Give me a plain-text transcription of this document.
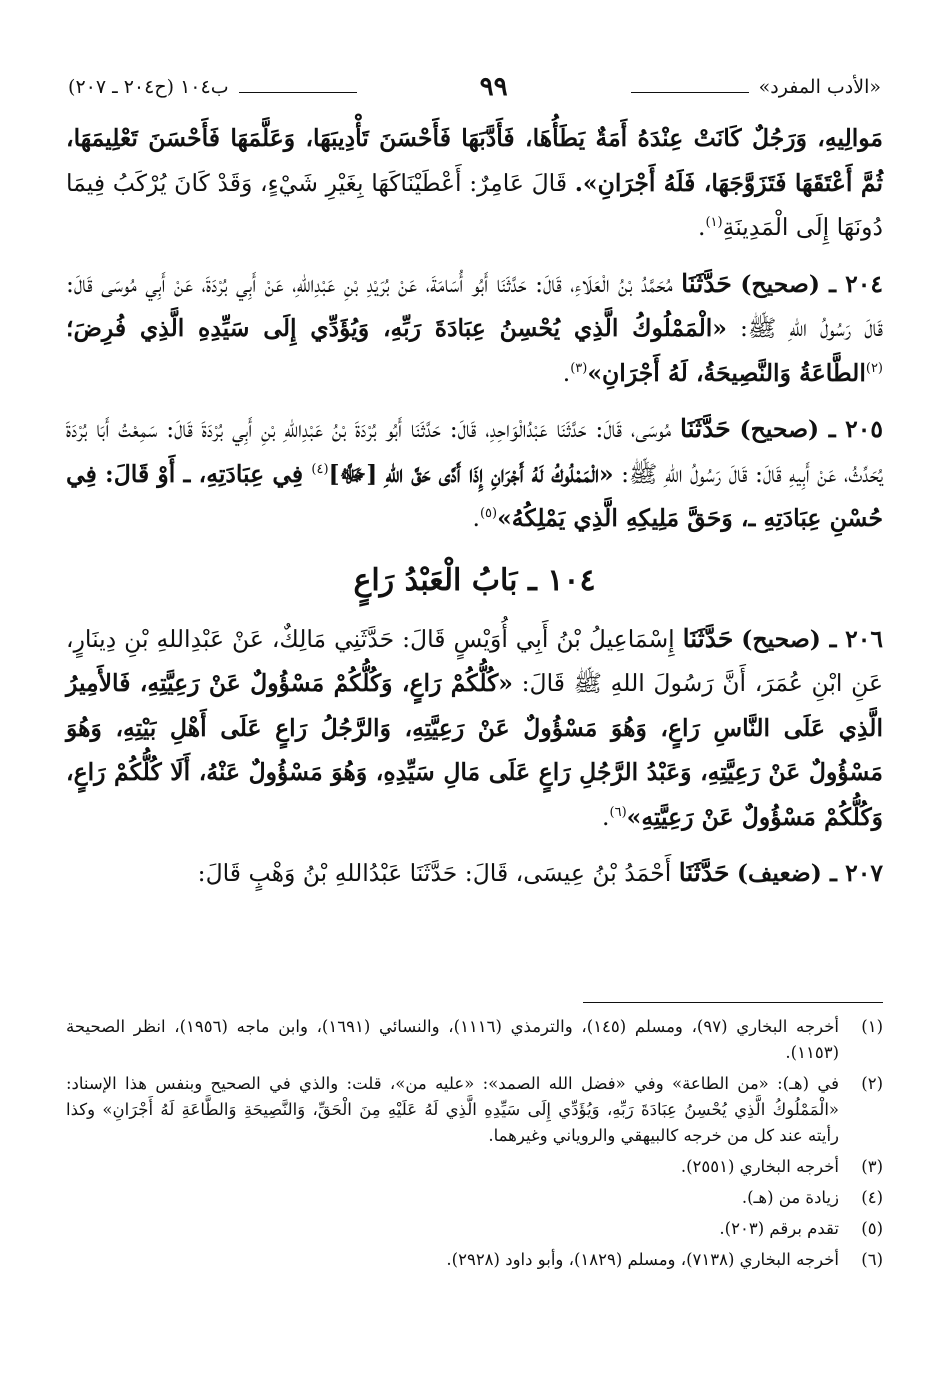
«الأدب المفرد»
٩٩
ب١٠٤ (ح٢٠٤ ـ ٢٠٧)

مَوالِيهِ، وَرَجُلٌ كَانَتْ عِنْدَهُ أَمَةٌ يَطَأُهَا، فَأَدَّبَهَا فَأَحْسَنَ تَأْدِيبَهَا، وَعَلَّمَهَا فَأَحْسَنَ تَعْلِيمَهَا، ثُمَّ أَعْتَقَهَا فَتَزَوَّجَهَا، فَلَهُ أَجْرَانِ». قَالَ عَامِرٌ: أَعْطَيْنَاكَهَا بِغَيْرِ شَيْءٍ، وَقَدْ كَانَ يُرْكَبُ فِيمَا دُونَهَا إِلَى الْمَدِينَةِ$^{(١)}$.

٢٠٤ ـ (صحيح) حَدَّثَنَا مُحَمَّدُ بْنُ الْعَلَاءِ، قَالَ: حَدَّثَنَا أَبُو أُسَامَةَ، عَنْ بُرَيْدِ بْنِ عَبْدِاللهِ، عَنْ أَبِي بُرْدَةَ، عَنْ أَبِي مُوسَى قَالَ: قَالَ رَسُولُ اللهِ ﷺ: «الْمَمْلُوكُ الَّذِي يُحْسِنُ عِبَادَةَ رَبِّهِ، وَيُؤَدِّي إِلَى سَيِّدِهِ الَّذِي فُرِضَ؛ $^{(٢)}$الطَّاعَةُ وَالنَّصِيحَةُ، لَهُ أَجْرَانِ»$^{(٣)}$.

٢٠٥ ـ (صحيح) حَدَّثَنَا مُوسَى، قَالَ: حَدَّثَنَا عَبْدُالْوَاحِدِ، قَالَ: حَدَّثَنَا أَبُو بُرْدَةَ بْنُ عَبْدِاللهِ بْنِ أَبِي بُرْدَةَ قَالَ: سَمِعْتُ أَبَا بُرْدَةَ يُحَدِّثُ، عَنْ أَبِيهِ قَالَ: قَالَ رَسُولُ اللهِ ﷺ: «الْمَمْلُوكُ لَهُ أَجْرَانِ إِذَا أَدَّى حَقَّ اللهِ [ﷻ]$^{(٤)}$ فِي عِبَادَتِهِ، ـ أَوْ قَالَ: فِي حُسْنِ عِبَادَتِهِ ـ، وَحَقَّ مَلِيكِهِ الَّذِي يَمْلِكُهُ»$^{(٥)}$.

١٠٤ ـ بَابُ الْعَبْدُ رَاعٍ

٢٠٦ ـ (صحيح) حَدَّثَنَا إِسْمَاعِيلُ بْنُ أَبِي أُوَيْسٍ قَالَ: حَدَّثَنِي مَالِكٌ، عَنْ عَبْدِاللهِ بْنِ دِينَارٍ، عَنِ ابْنِ عُمَرَ، أَنَّ رَسُولَ اللهِ ﷺ قَالَ: «كُلُّكُمْ رَاعٍ، وَكُلُّكُمْ مَسْؤُولٌ عَنْ رَعِيَّتِهِ، فَالأَمِيرُ الَّذِي عَلَى النَّاسِ رَاعٍ، وَهُوَ مَسْؤُولٌ عَنْ رَعِيَّتِهِ، وَالرَّجُلُ رَاعٍ عَلَى أَهْلِ بَيْتِهِ، وَهُوَ مَسْؤُولٌ عَنْ رَعِيَّتِهِ، وَعَبْدُ الرَّجُلِ رَاعٍ عَلَى مَالِ سَيِّدِهِ، وَهُوَ مَسْؤُولٌ عَنْهُ، أَلَا كُلُّكُمْ رَاعٍ، وَكُلُّكُمْ مَسْؤُولٌ عَنْ رَعِيَّتِهِ»$^{(٦)}$.

٢٠٧ ـ (ضعيف) حَدَّثَنَا أَحْمَدُ بْنُ عِيسَى، قَالَ: حَدَّثَنَا عَبْدُاللهِ بْنُ وَهْبٍ قَالَ:

(١)
أخرجه البخاري (٩٧)، ومسلم (١٤٥)، والترمذي (١١١٦)، والنسائي (١٦٩١)، وابن ماجه (١٩٥٦)، انظر الصحيحة (١١٥٣).
(٢)
في (هـ): «من الطاعة» وفي «فضل الله الصمد»: «عليه من»، قلت: والذي في الصحيح وبنفس هذا الإسناد: «الْمَمْلُوكُ الَّذِي يُحْسِنُ عِبَادَةَ رَبِّهِ، وَيُؤَدِّي إِلَى سَيِّدِهِ الَّذِي لَهُ عَلَيْهِ مِنَ الْحَقِّ، وَالنَّصِيحَةِ وَالطَّاعَةِ لَهُ أَجْرَانِ» وكذا رأيته عند كل من خرجه كالبيهقي والروياني وغيرهما.
(٣)
أخرجه البخاري (٢٥٥١).
(٤)
زيادة من (هـ).
(٥)
تقدم برقم (٢٠٣).
(٦)
أخرجه البخاري (٧١٣٨)، ومسلم (١٨٢٩)، وأبو داود (٢٩٢٨).
